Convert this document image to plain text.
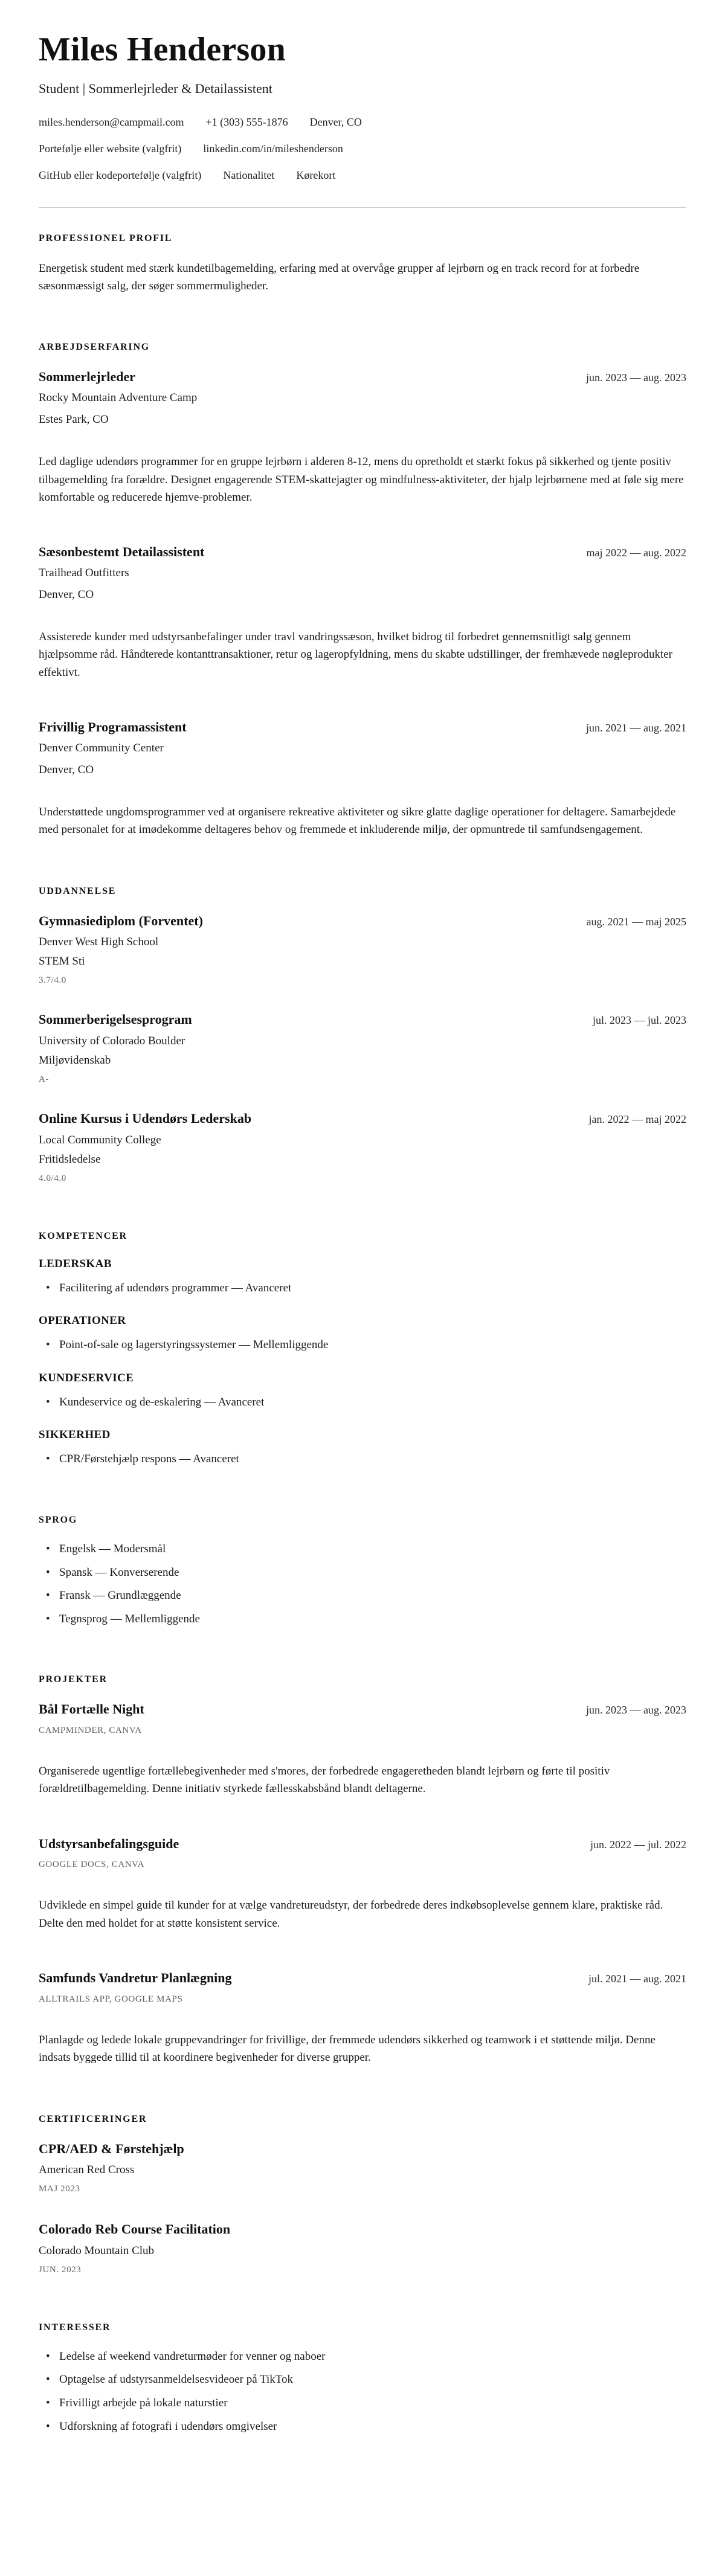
Miles Henderson
Student | Sommerlejrleder & Detailassistent
miles.henderson@campmail.com +1 (303) 555-1876 Denver, CO
Portefølje eller website (valgfrit) linkedin.com/in/mileshenderson
GitHub eller kodeportefølje (valgfrit) Nationalitet Kørekort
PROFESSIONEL PROFIL

Energetisk student med stærk kundetilbagemelding, erfaring med at overvåge grupper af lejrbørn og en track record for at forbedre sæsonmæssigt salg, der søger sommermuligheder.

ARBEJDSERFARING
Sommerlejrleder	jun. 2023 — aug. 2023
Rocky Mountain Adventure Camp
Estes Park, CO

Led daglige udendørs programmer for en gruppe lejrbørn i alderen 8-12, mens du opretholdt et stærkt fokus på sikkerhed og tjente positiv tilbagemelding fra forældre. Designet engagerende STEM-skattejagter og mindfulness-aktiviteter, der hjalp lejrbørnene med at føle sig mere komfortable og reducerede hjemve-problemer.

Sæsonbestemt Detailassistent	maj 2022 — aug. 2022
Trailhead Outfitters
Denver, CO

Assisterede kunder med udstyrsanbefalinger under travl vandringssæson, hvilket bidrog til forbedret gennemsnitligt salg gennem hjælpsomme råd. Håndterede kontanttransaktioner, retur og lageropfyldning, mens du skabte udstillinger, der fremhævede nøgleprodukter effektivt.

Frivillig Programassistent	jun. 2021 — aug. 2021
Denver Community Center
Denver, CO

Understøttede ungdomsprogrammer ved at organisere rekreative aktiviteter og sikre glatte daglige operationer for deltagere. Samarbejdede med personalet for at imødekomme deltageres behov og fremmede et inkluderende miljø, der opmuntrede til samfundsengagement.

UDDANNELSE
Gymnasiediplom (Forventet)	aug. 2021 — maj 2025
Denver West High School
STEM Sti
3.7/4.0
Sommerberigelsesprogram	jul. 2023 — jul. 2023
University of Colorado Boulder
Miljøvidenskab
A-
Online Kursus i Udendørs Lederskab	jan. 2022 — maj 2022
Local Community College
Fritidsledelse
4.0/4.0
KOMPETENCER
LEDERSKAB
• Facilitering af udendørs programmer — Avanceret
OPERATIONER
• Point-of-sale og lagerstyringssystemer — Mellemliggende
KUNDESERVICE
• Kundeservice og de-eskalering — Avanceret
SIKKERHED
• CPR/Førstehjælp respons — Avanceret
SPROG
• Engelsk — Modersmål
• Spansk — Konverserende
• Fransk — Grundlæggende
• Tegnsprog — Mellemliggende
PROJEKTER
Bål Fortælle Night	jun. 2023 — aug. 2023
CAMPMINDER, CANVA

Organiserede ugentlige fortællebegivenheder med s'mores, der forbedrede engageretheden blandt lejrbørn og førte til positiv forældretilbagemelding. Denne initiativ styrkede fællesskabsbånd blandt deltagerne.

Udstyrsanbefalingsguide	jun. 2022 — jul. 2022
GOOGLE DOCS, CANVA

Udviklede en simpel guide til kunder for at vælge vandretureudstyr, der forbedrede deres indkøbsoplevelse gennem klare, praktiske råd. Delte den med holdet for at støtte konsistent service.

Samfunds Vandretur Planlægning	jul. 2021 — aug. 2021
ALLTRAILS APP, GOOGLE MAPS

Planlagde og ledede lokale gruppevandringer for frivillige, der fremmede udendørs sikkerhed og teamwork i et støttende miljø. Denne indsats byggede tillid til at koordinere begivenheder for diverse grupper.

CERTIFICERINGER
CPR/AED & Førstehjælp
American Red Cross
MAJ 2023
Colorado Reb Course Facilitation
Colorado Mountain Club
JUN. 2023
INTERESSER
• Ledelse af weekend vandreturmøder for venner og naboer
• Optagelse af udstyrsanmeldelsesvideoer på TikTok
• Frivilligt arbejde på lokale naturstier
• Udforskning af fotografi i udendørs omgivelser
